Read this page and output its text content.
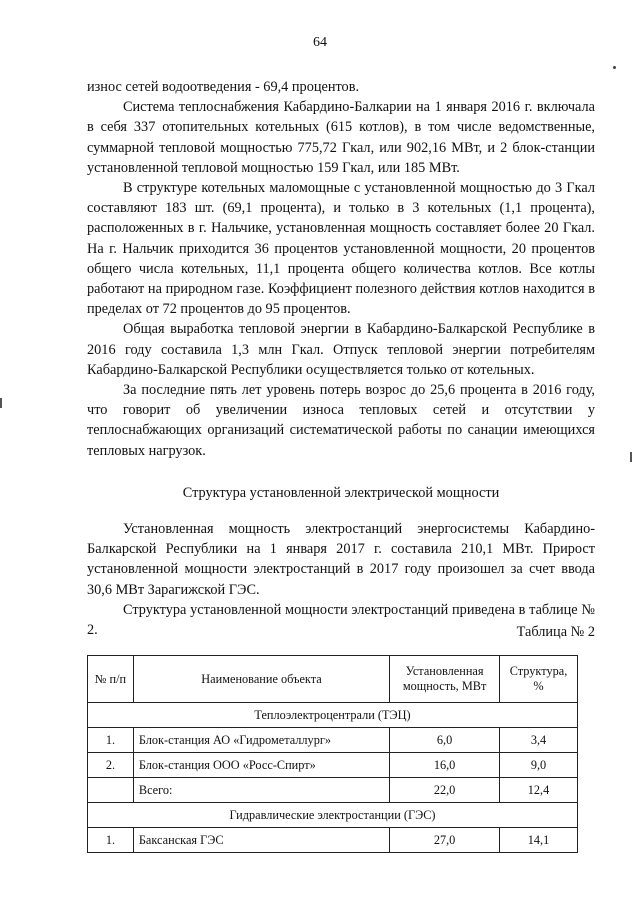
64

износ сетей водоотведения - 69,4 процентов.

Система теплоснабжения Кабардино-Балкарии на 1 января 2016 г. включала в себя 337 отопительных котельных (615 котлов), в том числе ведомственные, суммарной тепловой мощностью 775,72 Гкал, или 902,16 МВт, и 2 блок-станции установленной тепловой мощностью 159 Гкал, или 185 МВт.

В структуре котельных маломощные с установленной мощностью до 3 Гкал составляют 183 шт. (69,1 процента), и только в 3 котельных (1,1 процента), расположенных в г. Нальчике, установленная мощность составляет более 20 Гкал. На г. Нальчик приходится 36 процентов установленной мощности, 20 процентов общего числа котельных, 11,1 процента общего количества котлов. Все котлы работают на природном газе. Коэффициент полезного действия котлов находится в пределах от 72 процентов до 95 процентов.

Общая выработка тепловой энергии в Кабардино-Балкарской Республике в 2016 году составила 1,3 млн Гкал. Отпуск тепловой энергии потребителям Кабардино-Балкарской Республики осуществляется только от котельных.

За последние пять лет уровень потерь возрос до 25,6 процента в 2016 году, что говорит об увеличении износа тепловых сетей и отсутствии у теплоснабжающих организаций систематической работы по санации имеющихся тепловых нагрузок.

Структура установленной электрической мощности

Установленная мощность электростанций энергосистемы Кабардино-Балкарской Республики на 1 января 2017 г. составила 210,1 МВт. Прирост установленной мощности электростанций в 2017 году произошел за счет ввода 30,6 МВт Зарагижской ГЭС.

Структура установленной мощности электростанций приведена в таблице № 2.	Таблица № 2
№ п/п	Наименование объекта	Установленная мощность, МВт	Структура, %
Теплоэлектроцентрали (ТЭЦ)			
1.	Блок-станция АО «Гидрометаллург»	6,0	3,4
2.	Блок-станция ООО «Росс-Спирт»	16,0	9,0
	Всего:	22,0	12,4
Гидравлические электростанции (ГЭС)			
1.	Баксанская ГЭС	27,0	14,1
